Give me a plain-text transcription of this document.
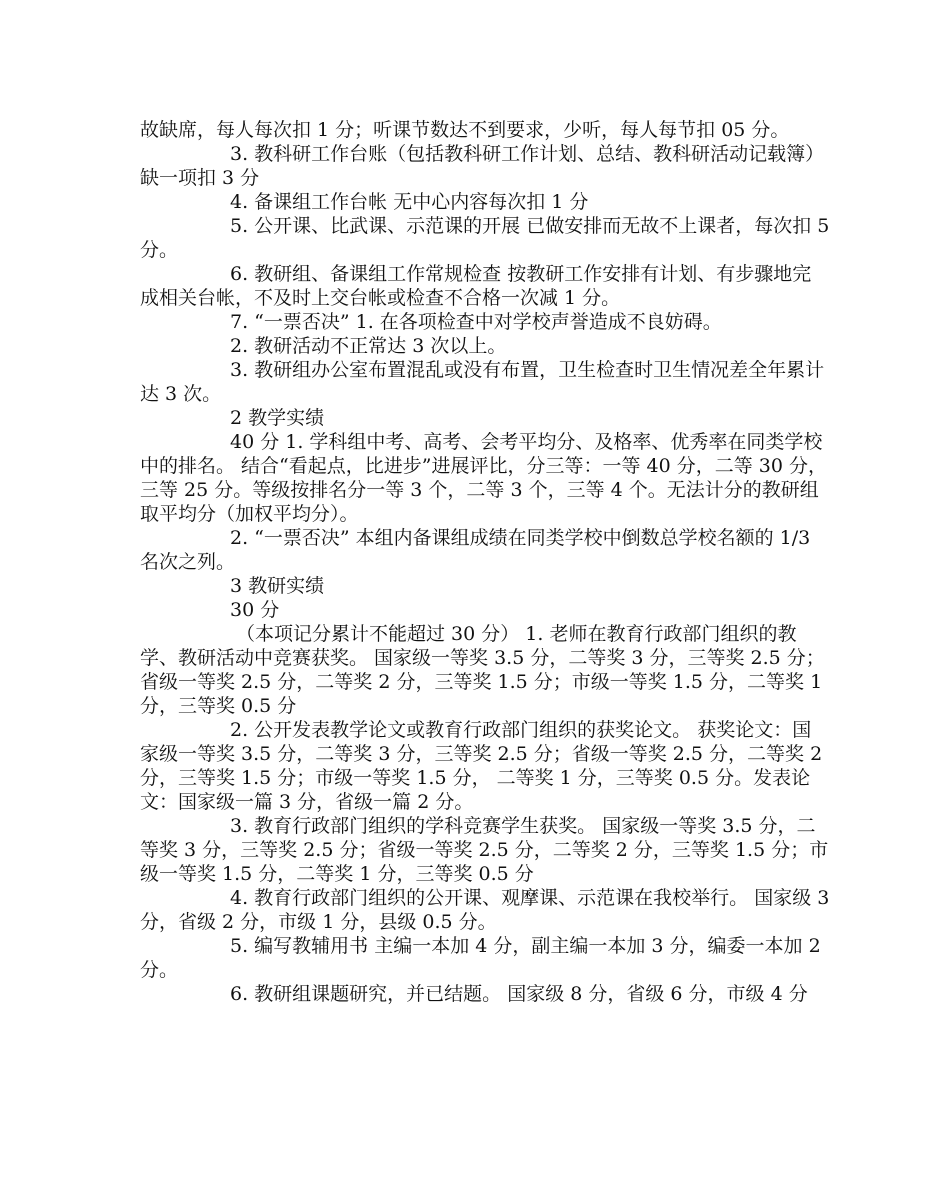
故缺席，每人每次扣 1 分；听课节数达不到要求，少听，每人每节扣 05 分。

3. 教科研工作台账（包括教科研工作计划、总结、教科研活动记载簿） 缺一项扣 3 分

4. 备课组工作台帐 无中心内容每次扣 1 分

5. 公开课、比武课、示范课的开展 已做安排而无故不上课者，每次扣 5 分。

6. 教研组、备课组工作常规检查 按教研工作安排有计划、有步骤地完成相关台帐，不及时上交台帐或检查不合格一次减 1 分。

7. “一票否决” 1. 在各项检查中对学校声誉造成不良妨碍。

2. 教研活动不正常达 3 次以上。

3. 教研组办公室布置混乱或没有布置，卫生检查时卫生情况差全年累计达 3 次。

2 教学实绩

40 分 1. 学科组中考、高考、会考平均分、及格率、优秀率在同类学校中的排名。 结合“看起点，比进步”进展评比，分三等：一等 40 分，二等 30 分，三等 25 分。等级按排名分一等 3 个，二等 3 个，三等 4 个。无法计分的教研组取平均分（加权平均分）。

2. “一票否决” 本组内备课组成绩在同类学校中倒数总学校名额的 1/3 名次之列。

3 教研实绩

30 分

（本项记分累计不能超过 30 分） 1. 老师在教育行政部门组织的教学、教研活动中竞赛获奖。 国家级一等奖 3.5 分，二等奖 3 分，三等奖 2.5 分；省级一等奖 2.5 分，二等奖 2 分，三等奖 1.5 分；市级一等奖 1.5 分，二等奖 1 分，三等奖 0.5 分

2. 公开发表教学论文或教育行政部门组织的获奖论文。 获奖论文：国家级一等奖 3.5 分，二等奖 3 分，三等奖 2.5 分；省级一等奖 2.5 分，二等奖 2 分，三等奖 1.5 分；市级一等奖 1.5 分， 二等奖 1 分，三等奖 0.5 分。发表论文：国家级一篇 3 分，省级一篇 2 分。

3. 教育行政部门组织的学科竞赛学生获奖。 国家级一等奖 3.5 分，二等奖 3 分，三等奖 2.5 分；省级一等奖 2.5 分，二等奖 2 分，三等奖 1.5 分；市级一等奖 1.5 分，二等奖 1 分，三等奖 0.5 分

4. 教育行政部门组织的公开课、观摩课、示范课在我校举行。 国家级 3 分，省级 2 分，市级 1 分，县级 0.5 分。

5. 编写教辅用书 主编一本加 4 分，副主编一本加 3 分，编委一本加 2 分。

6. 教研组课题研究，并已结题。 国家级 8 分，省级 6 分，市级 4 分
